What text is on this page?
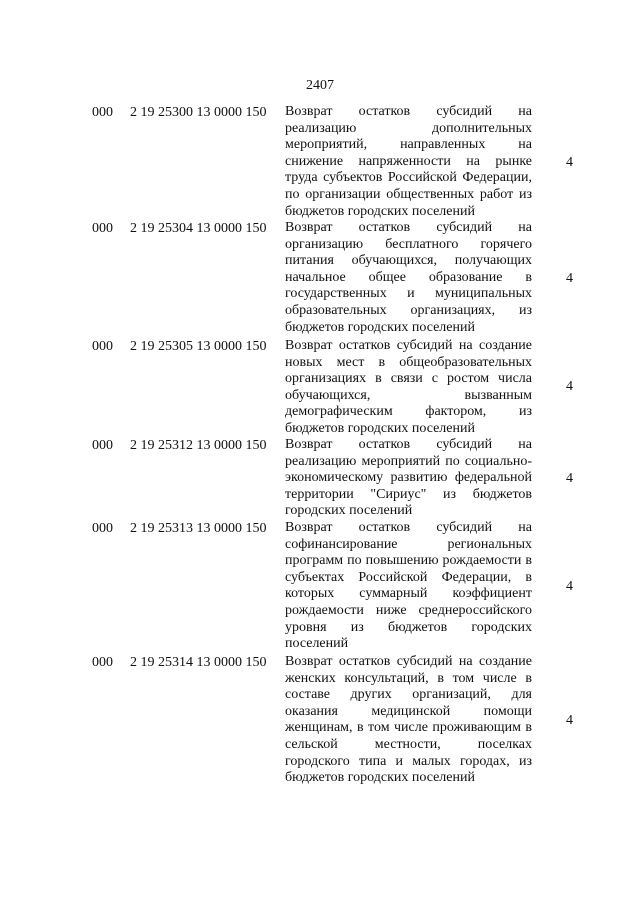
2407
000 2 19 25300 13 0000 150 Возврат остатков субсидий на
реализацию дополнительных
мероприятий, направленных на
снижение напряженности на рынке
труда субъектов Российской Федерации,
по организации общественных работ из
бюджетов городских поселений
4
000 2 19 25304 13 0000 150 Возврат остатков субсидий на
организацию бесплатного горячего
питания обучающихся, получающих
начальное общее образование в
государственных и муниципальных
образовательных организациях, из
бюджетов городских поселений
4
000 2 19 25305 13 0000 150 Возврат остатков субсидий на создание
новых мест в общеобразовательных
организациях в связи с ростом числа
обучающихся, вызванным
демографическим фактором, из
бюджетов городских поселений
4
000 2 19 25312 13 0000 150 Возврат остатков субсидий на
реализацию мероприятий по социально-
экономическому развитию федеральной
территории "Сириус" из бюджетов
городских поселений
4
000 2 19 25313 13 0000 150 Возврат остатков субсидий на
софинансирование региональных
программ по повышению рождаемости в
субъектах Российской Федерации, в
которых суммарный коэффициент
рождаемости ниже среднероссийского
уровня из бюджетов городских
поселений
4
000 2 19 25314 13 0000 150 Возврат остатков субсидий на создание
женских консультаций, в том числе в
составе других организаций, для
оказания медицинской помощи
женщинам, в том числе проживающим в
сельской местности, поселках
городского типа и малых городах, из
бюджетов городских поселений
4
